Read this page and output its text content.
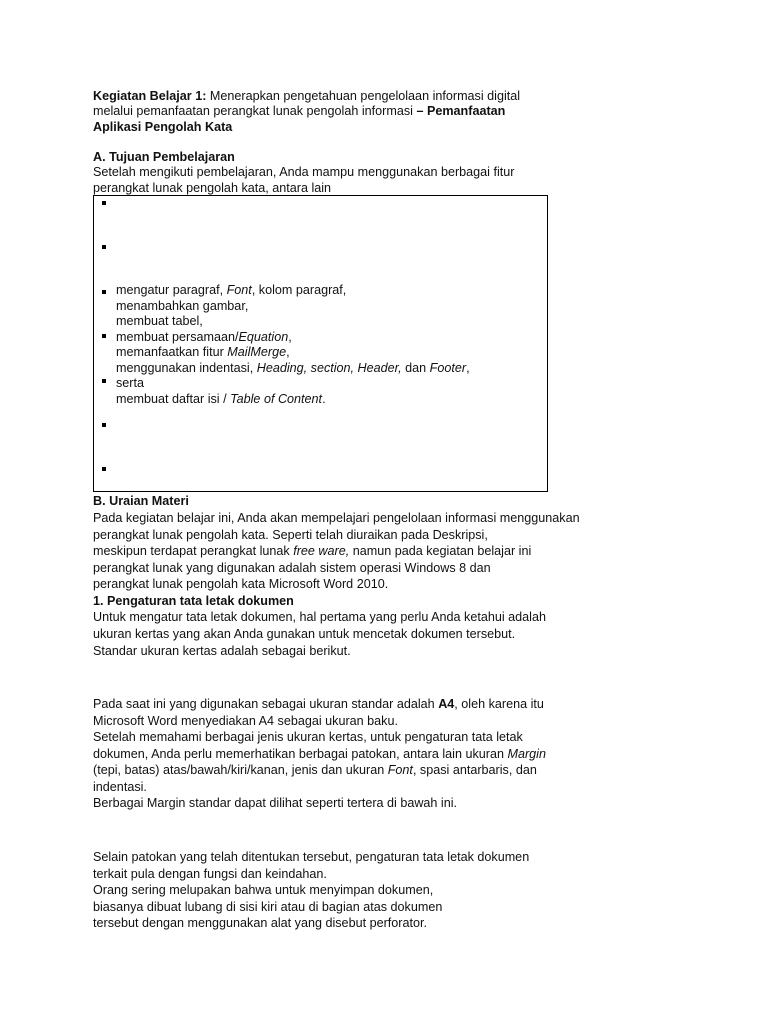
Kegiatan Belajar 1: Menerapkan pengetahuan pengelolaan informasi digital
melalui pemanfaatan perangkat lunak pengolah informasi – Pemanfaatan
Aplikasi Pengolah Kata
A. Tujuan Pembelajaran
Setelah mengikuti pembelajaran, Anda mampu menggunakan berbagai fitur
perangkat lunak pengolah kata, antara lain
mengatur paragraf, Font, kolom paragraf,
menambahkan gambar,
membuat tabel,
membuat persamaan/Equation,
memanfaatkan fitur MailMerge,
menggunakan indentasi, Heading, section, Header, dan Footer,
serta
membuat daftar isi / Table of Content.
B. Uraian Materi
Pada kegiatan belajar ini, Anda akan mempelajari pengelolaan informasi menggunakan
perangkat lunak pengolah kata. Seperti telah diuraikan pada Deskripsi,
meskipun terdapat perangkat lunak free ware, namun pada kegiatan belajar ini
perangkat lunak yang digunakan adalah sistem operasi Windows 8 dan
perangkat lunak pengolah kata Microsoft Word 2010.
1. Pengaturan tata letak dokumen
Untuk mengatur tata letak dokumen, hal pertama yang perlu Anda ketahui adalah
ukuran kertas yang akan Anda gunakan untuk mencetak dokumen tersebut.
Standar ukuran kertas adalah sebagai berikut.
Pada saat ini yang digunakan sebagai ukuran standar adalah A4, oleh karena itu
Microsoft Word menyediakan A4 sebagai ukuran baku.
Setelah memahami berbagai jenis ukuran kertas, untuk pengaturan tata letak
dokumen, Anda perlu memerhatikan berbagai patokan, antara lain ukuran Margin
(tepi, batas) atas/bawah/kiri/kanan, jenis dan ukuran Font, spasi antarbaris, dan
indentasi.
Berbagai Margin standar dapat dilihat seperti tertera di bawah ini.
Selain patokan yang telah ditentukan tersebut, pengaturan tata letak dokumen
terkait pula dengan fungsi dan keindahan.
Orang sering melupakan bahwa untuk menyimpan dokumen,
biasanya dibuat lubang di sisi kiri atau di bagian atas dokumen
tersebut dengan menggunakan alat yang disebut perforator.
